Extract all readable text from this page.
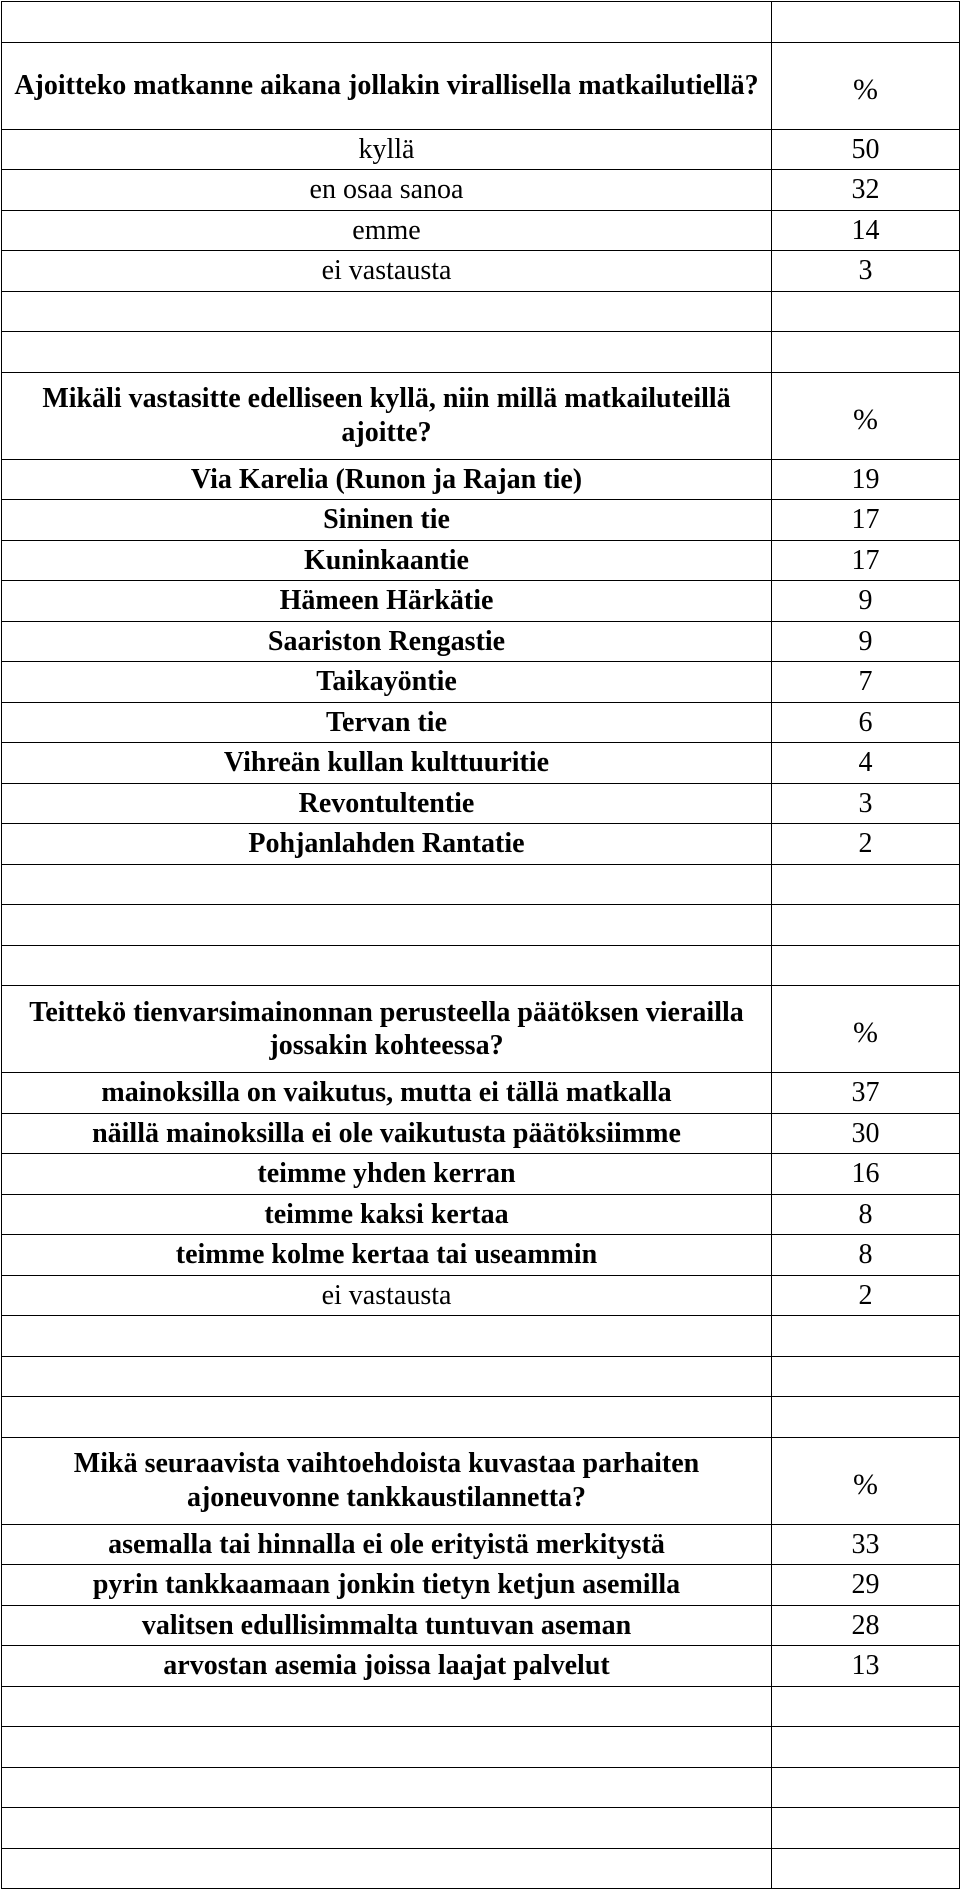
Ajoitteko matkanne aikana jollakin virallisella matkailutiellä?	%
kyllä	50
en osaa sanoa	32
emme	14
ei vastausta	3

Mikäli vastasitte edelliseen kyllä, niin millä matkailuteillä ajoitte?	%
Via Karelia (Runon ja Rajan tie)	19
Sininen tie	17
Kuninkaantie	17
Hämeen Härkätie	9
Saariston Rengastie	9
Taikayöntie	7
Tervan tie	6
Vihreän kullan kulttuuritie	4
Revontultentie	3
Pohjanlahden Rantatie	2

Teittekö tienvarsimainonnan perusteella päätöksen vierailla jossakin kohteessa?	%
mainoksilla on vaikutus, mutta ei tällä matkalla	37
näillä mainoksilla ei ole vaikutusta päätöksiimme	30
teimme yhden kerran	16
teimme kaksi kertaa	8
teimme kolme kertaa tai useammin	8
ei vastausta	2

Mikä seuraavista vaihtoehdoista kuvastaa parhaiten ajoneuvonne tankkaustilannetta?	%
asemalla tai hinnalla ei ole erityistä merkitystä	33
pyrin tankkaamaan jonkin tietyn ketjun asemilla	29
valitsen edullisimmalta tuntuvan aseman	28
arvostan asemia joissa laajat palvelut	13
